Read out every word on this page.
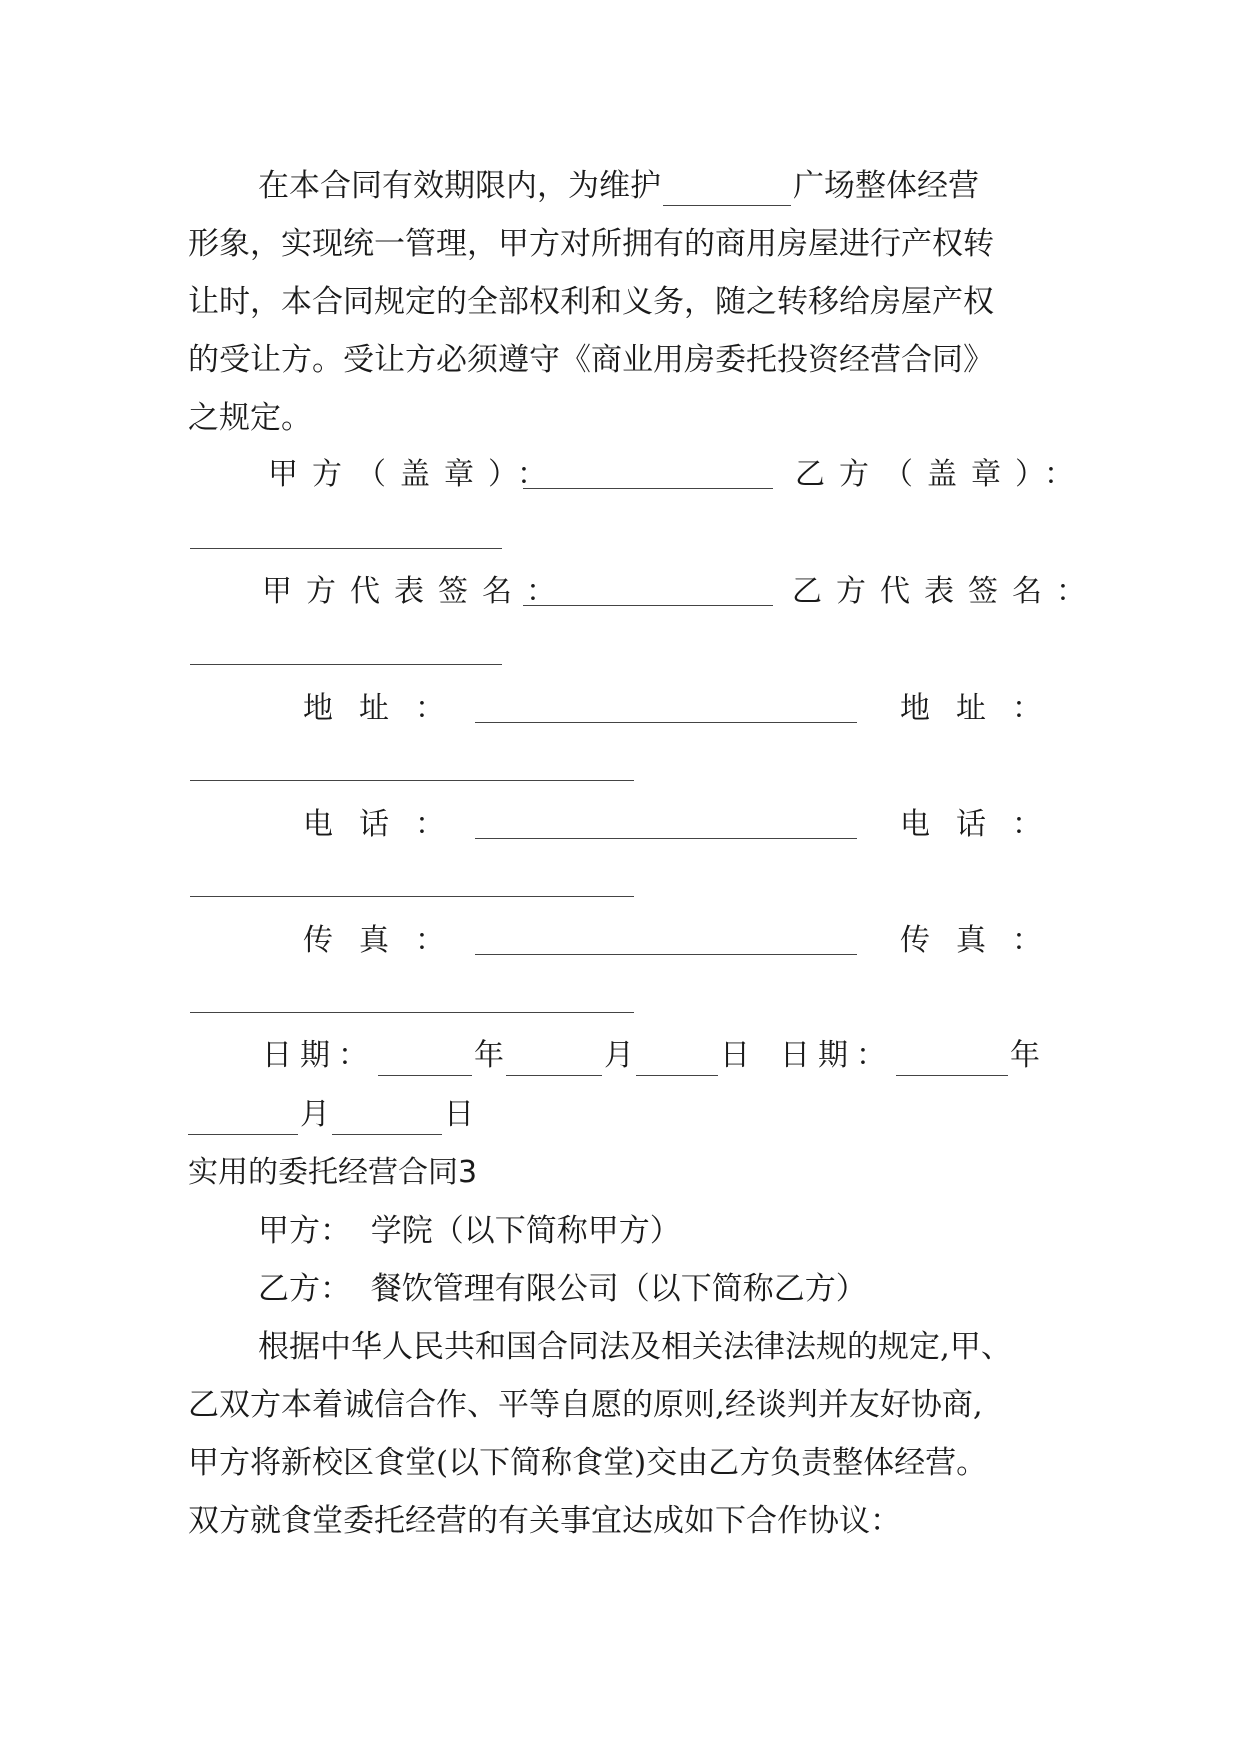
在本合同有效期限内，为维护	广场整体经营
形象，实现统一管理，甲方对所拥有的商用房屋进行产权转
让时，本合同规定的全部权利和义务，随之转移给房屋产权
的受让方。受让方必须遵守《商业用房委托投资经营合同》
之规定。
甲方（盖章）：	乙方（盖章）：
甲方代表签名：	乙方代表签名：
地址：	地址：
电话：	电话：
传真：	传真：
日期：	年	月	日 日期：	年
月	日
实用的委托经营合同3
甲方：  学院（以下简称甲方）
乙方：  餐饮管理有限公司（以下简称乙方）
根据中华人民共和国合同法及相关法律法规的规定,甲、
乙双方本着诚信合作、平等自愿的原则,经谈判并友好协商,
甲方将新校区食堂(以下简称食堂)交由乙方负责整体经营。
双方就食堂委托经营的有关事宜达成如下合作协议：
